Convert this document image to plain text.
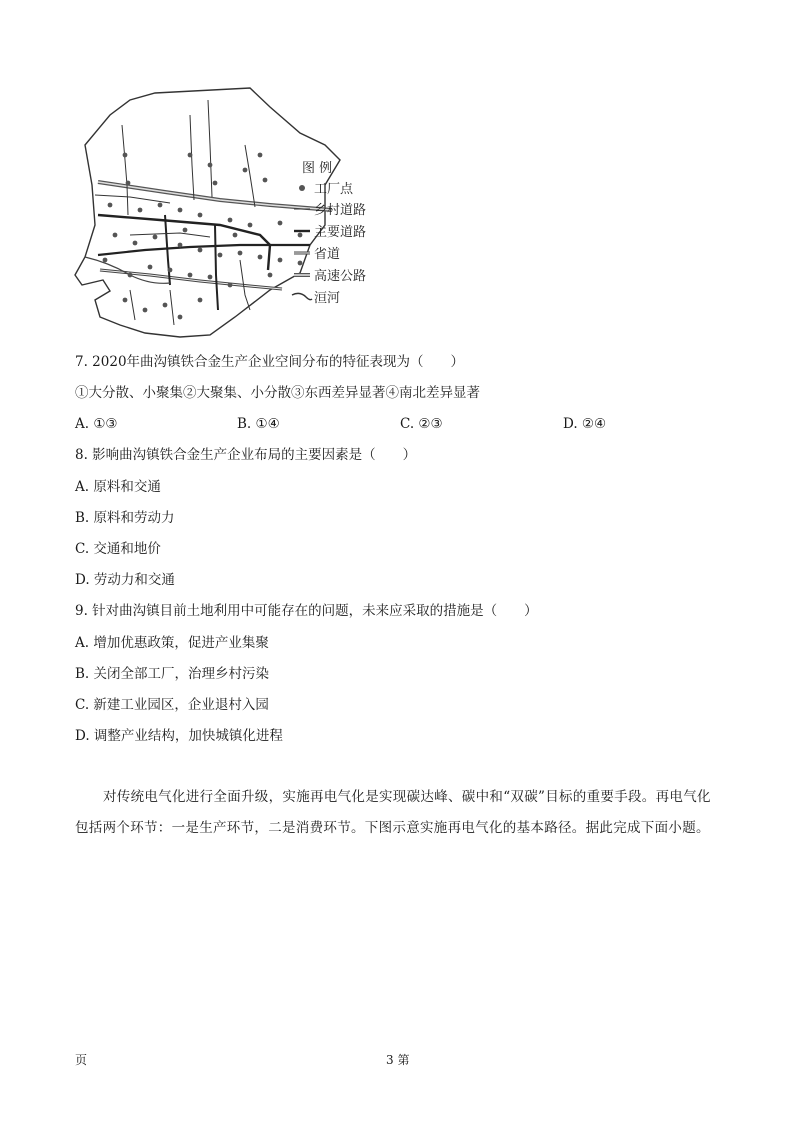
图 例
工厂点
乡村道路
主要道路
省道
高速公路
洹河
7. 2020年曲沟镇铁合金生产企业空间分布的特征表现为（　　）
①大分散、小聚集②大聚集、小分散③东西差异显著④南北差异显著
A. ①③	B. ①④	C. ②③	D. ②④
8. 影响曲沟镇铁合金生产企业布局的主要因素是（　　）
A. 原料和交通
B. 原料和劳动力
C. 交通和地价
D. 劳动力和交通
9. 针对曲沟镇目前土地利用中可能存在的问题，未来应采取的措施是（　　）
A. 增加优惠政策，促进产业集聚
B. 关闭全部工厂，治理乡村污染
C. 新建工业园区，企业退村入园
D. 调整产业结构，加快城镇化进程
对传统电气化进行全面升级，实施再电气化是实现碳达峰、碳中和“双碳”目标的重要手段。再电气化包括两个环节：一是生产环节，二是消费环节。下图示意实施再电气化的基本路径。据此完成下面小题。
页	3 第
